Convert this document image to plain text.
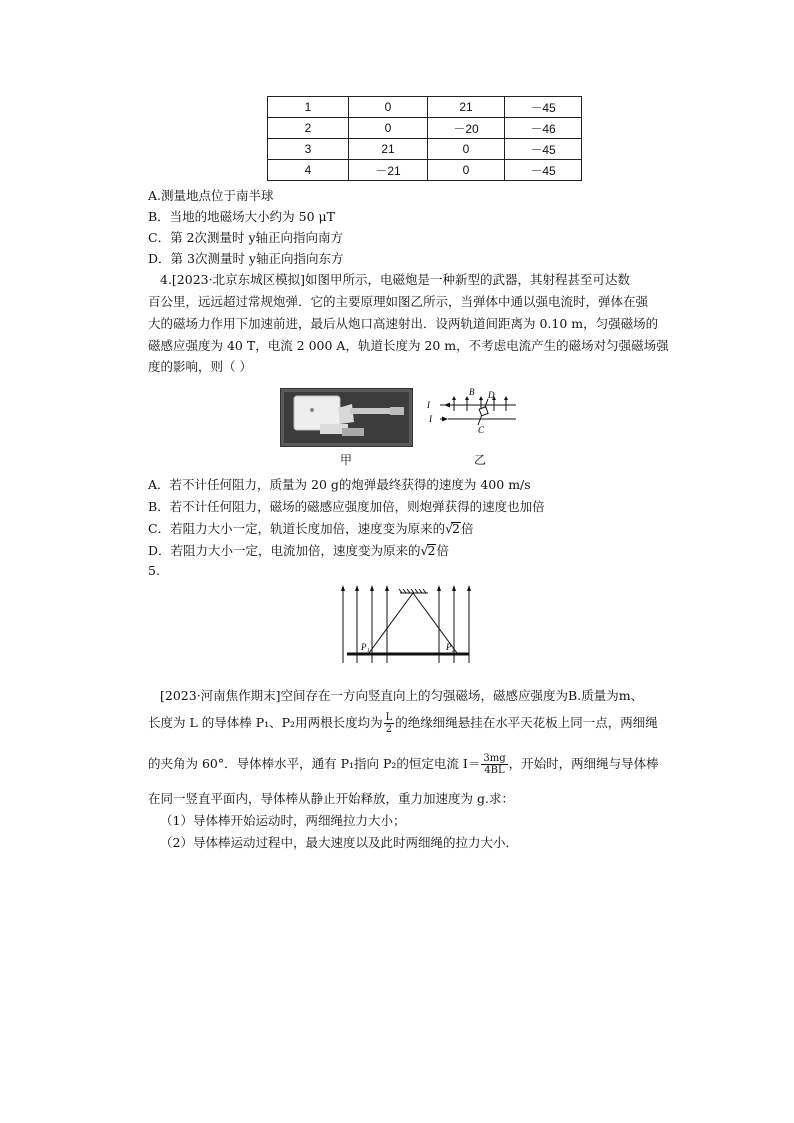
1	0	21	－45
2	0	－20	－46
3	21	0	－45
4	－21	0	－45
A.测量地点位于南半球
B．当地的地磁场大小约为 50 μT
C．第 2次测量时 y轴正向指向南方
D．第 3次测量时 y轴正向指向东方
4.[2023·北京东城区模拟]如图甲所示，电磁炮是一种新型的武器，其射程甚至可达数
百公里，远远超过常规炮弹．它的主要原理如图乙所示，当弹体中通以强电流时，弹体在强
大的磁场力作用下加速前进，最后从炮口高速射出．设两轨道间距离为 0.10 m，匀强磁场的
磁感应强度为 40 T，电流 2 000 A，轨道长度为 20 m，不考虑电流产生的磁场对匀强磁场强
度的影响，则（ ）
I
I
B D
C
甲	乙
A．若不计任何阻力，质量为 20 g的炮弹最终获得的速度为 400 m/s
B．若不计任何阻力，磁场的磁感应强度加倍，则炮弹获得的速度也加倍
C．若阻力大小一定，轨道长度加倍，速度变为原来的√2倍
D．若阻力大小一定，电流加倍，速度变为原来的√2倍
5.
P₁	P₂
[2023·河南焦作期末]空间存在一方向竖直向上的匀强磁场，磁感应强度为B.质量为m、
长度为 L 的导体棒 P₁、P₂用两根长度均为 $\frac{L}{2}$ 的绝缘细绳悬挂在水平天花板上同一点，两细绳
的夹角为 60°．导体棒水平，通有 P₁指向 P₂的恒定电流 $I= \frac{3mg}{4BL}$ ，开始时，两细绳与导体棒
在同一竖直平面内，导体棒从静止开始释放，重力加速度为 g.求：
（1）导体棒开始运动时，两细绳拉力大小；
（2）导体棒运动过程中，最大速度以及此时两细绳的拉力大小．
